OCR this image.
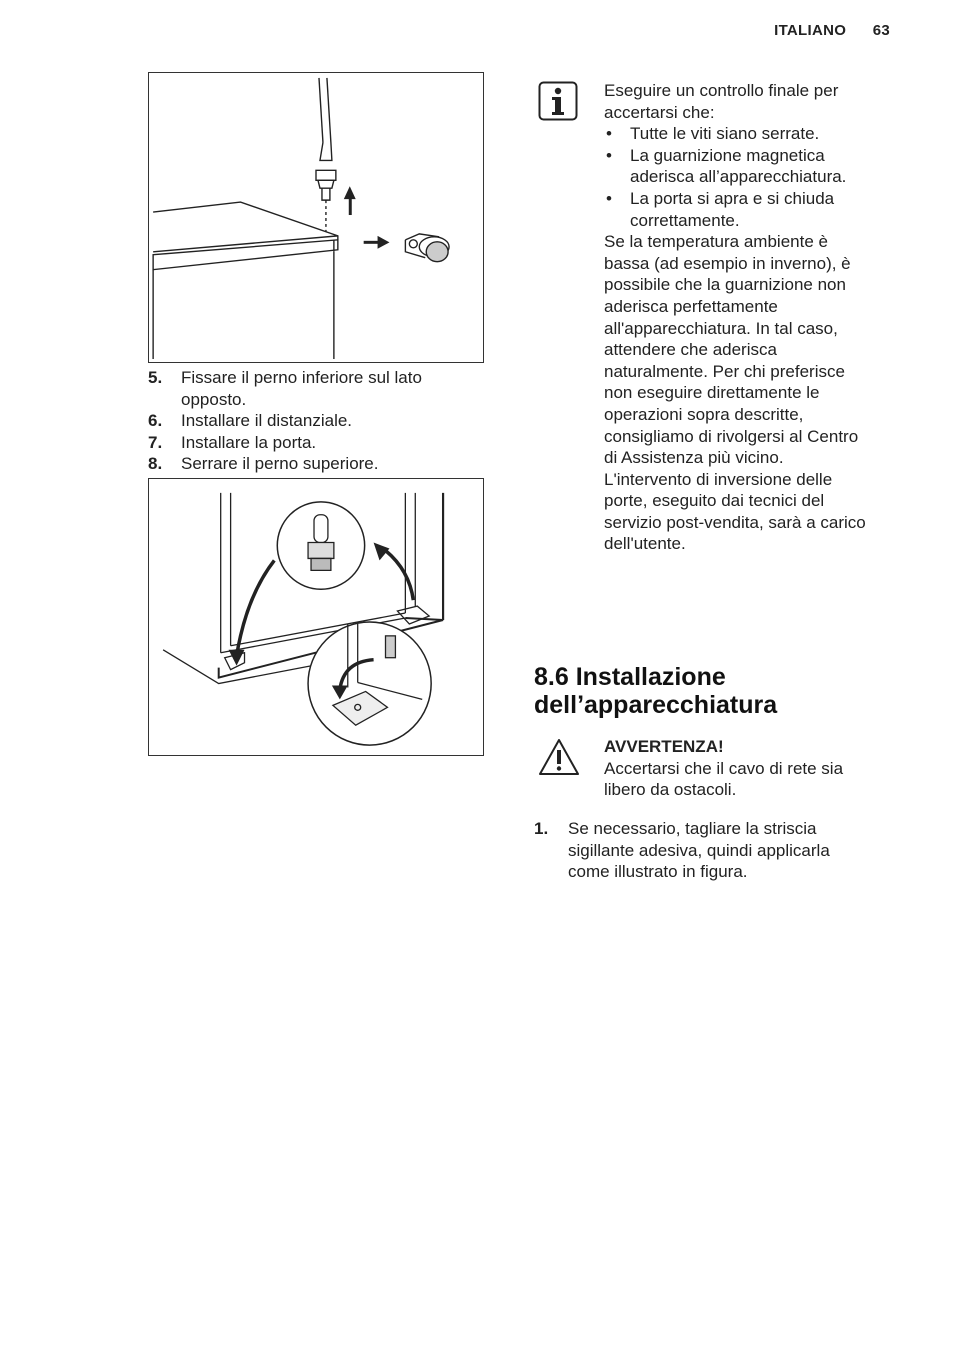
ITALIANO 63
5.	Fissare il perno inferiore sul lato opposto.
6.	Installare il distanziale.
7.	Installare la porta.
8.	Serrare il perno superiore.

Eseguire un controllo finale per accertarsi che:

• Tutte le viti siano serrate.
• La guarnizione magnetica aderisca all’apparecchiatura.
• La porta si apra e si chiuda correttamente.

Se la temperatura ambiente è bassa (ad esempio in inverno), è possibile che la guarnizione non aderisca perfettamente all'apparecchiatura. In tal caso, attendere che aderisca naturalmente. Per chi preferisce non eseguire direttamente le operazioni sopra descritte, consigliamo di rivolgersi al Centro di Assistenza più vicino. L'intervento di inversione delle porte, eseguito dai tecnici del servizio post-vendita, sarà a carico dell'utente.

8.6 Installazione dell’apparecchiatura

AVVERTENZA!

Accertarsi che il cavo di rete sia libero da ostacoli.

1.	Se necessario, tagliare la striscia sigillante adesiva, quindi applicarla come illustrato in figura.
